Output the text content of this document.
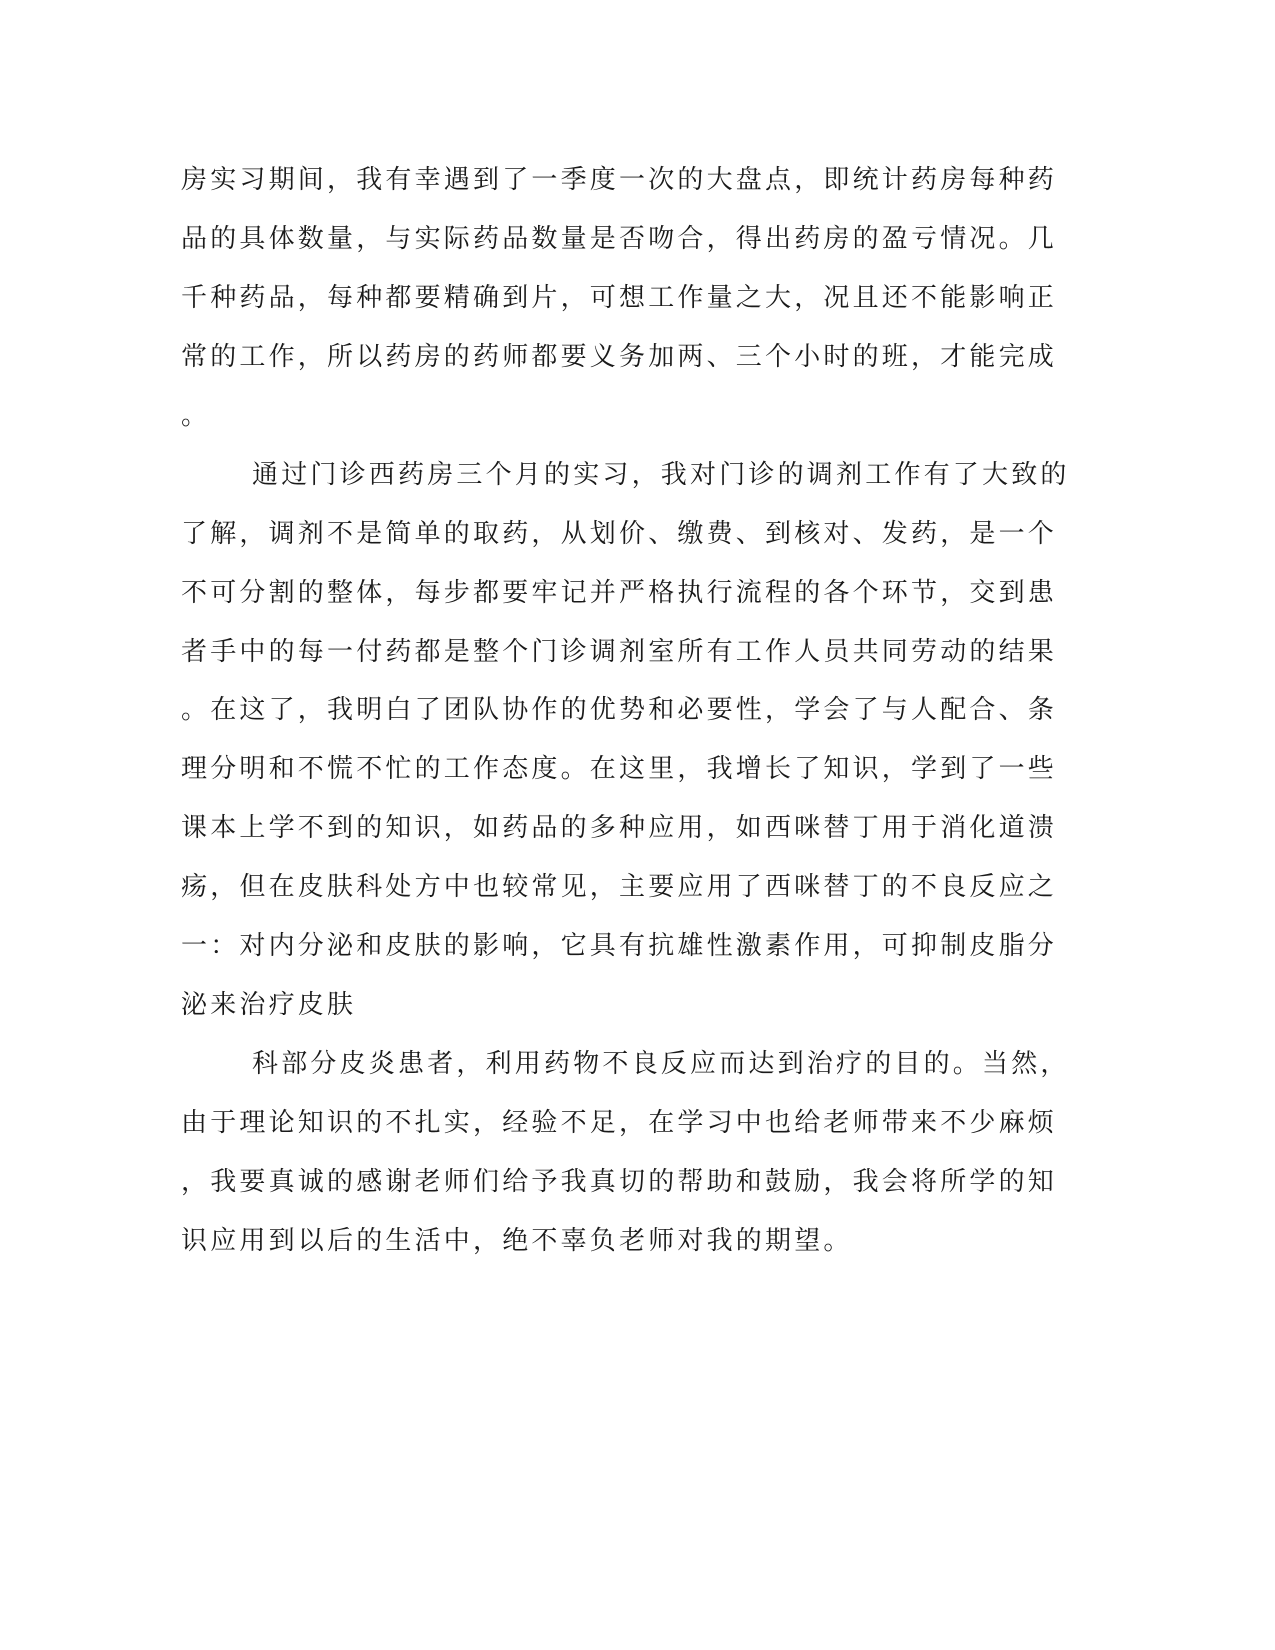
房实习期间，我有幸遇到了一季度一次的大盘点，即统计药房每种药
品的具体数量，与实际药品数量是否吻合，得出药房的盈亏情况。几
千种药品，每种都要精确到片，可想工作量之大，况且还不能影响正
常的工作，所以药房的药师都要义务加两、三个小时的班，才能完成
。
通过门诊西药房三个月的实习，我对门诊的调剂工作有了大致的
了解，调剂不是简单的取药，从划价、缴费、到核对、发药，是一个
不可分割的整体，每步都要牢记并严格执行流程的各个环节，交到患
者手中的每一付药都是整个门诊调剂室所有工作人员共同劳动的结果
。在这了，我明白了团队协作的优势和必要性，学会了与人配合、条
理分明和不慌不忙的工作态度。在这里，我增长了知识，学到了一些
课本上学不到的知识，如药品的多种应用，如西咪替丁用于消化道溃
疡，但在皮肤科处方中也较常见，主要应用了西咪替丁的不良反应之
一：对内分泌和皮肤的影响，它具有抗雄性激素作用，可抑制皮脂分
泌来治疗皮肤
科部分皮炎患者，利用药物不良反应而达到治疗的目的。当然，
由于理论知识的不扎实，经验不足，在学习中也给老师带来不少麻烦
，我要真诚的感谢老师们给予我真切的帮助和鼓励，我会将所学的知
识应用到以后的生活中，绝不辜负老师对我的期望。
